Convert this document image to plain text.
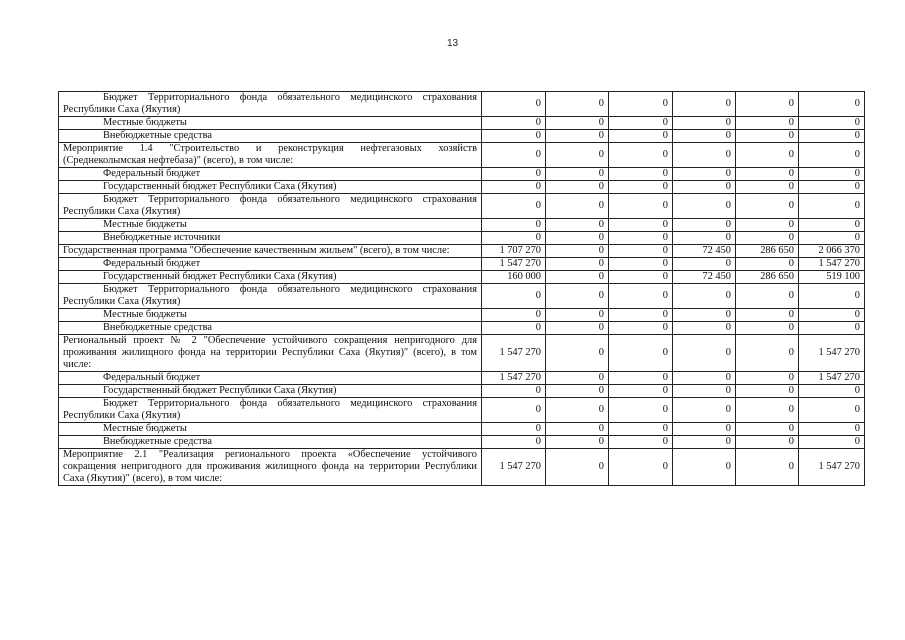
13
Бюджет Территориального фонда обязательного медицинского страхования Республики Саха (Якутия)	0	0	0	0	0	0
Местные бюджеты	0	0	0	0	0	0
Внебюджетные средства	0	0	0	0	0	0
Мероприятие 1.4 "Строительство и реконструкция нефтегазовых хозяйств (Среднеколымская нефтебаза)" (всего), в том числе:	0	0	0	0	0	0
Федеральный бюджет	0	0	0	0	0	0
Государственный бюджет Республики Саха (Якутия)	0	0	0	0	0	0
Бюджет Территориального фонда обязательного медицинского страхования Республики Саха (Якутия)	0	0	0	0	0	0
Местные бюджеты	0	0	0	0	0	0
Внебюджетные источники	0	0	0	0	0	0
Государственная программа "Обеспечение качественным жильем" (всего), в том числе:	1 707 270	0	0	72 450	286 650	2 066 370
Федеральный бюджет	1 547 270	0	0	0	0	1 547 270
Государственный бюджет Республики Саха (Якутия)	160 000	0	0	72 450	286 650	519 100
Бюджет Территориального фонда обязательного медицинского страхования Республики Саха (Якутия)	0	0	0	0	0	0
Местные бюджеты	0	0	0	0	0	0
Внебюджетные средства	0	0	0	0	0	0
Региональный проект № 2 "Обеспечение устойчивого сокращения непригодного для проживания жилищного фонда на территории Республики Саха (Якутия)" (всего), в том числе:	1 547 270	0	0	0	0	1 547 270
Федеральный бюджет	1 547 270	0	0	0	0	1 547 270
Государственный бюджет Республики Саха (Якутия)	0	0	0	0	0	0
Бюджет Территориального фонда обязательного медицинского страхования Республики Саха (Якутия)	0	0	0	0	0	0
Местные бюджеты	0	0	0	0	0	0
Внебюджетные средства	0	0	0	0	0	0
Мероприятие 2.1 "Реализация регионального проекта «Обеспечение устойчивого сокращения непригодного для проживания жилищного фонда на территории Республики Саха (Якутия)" (всего), в том числе:	1 547 270	0	0	0	0	1 547 270
